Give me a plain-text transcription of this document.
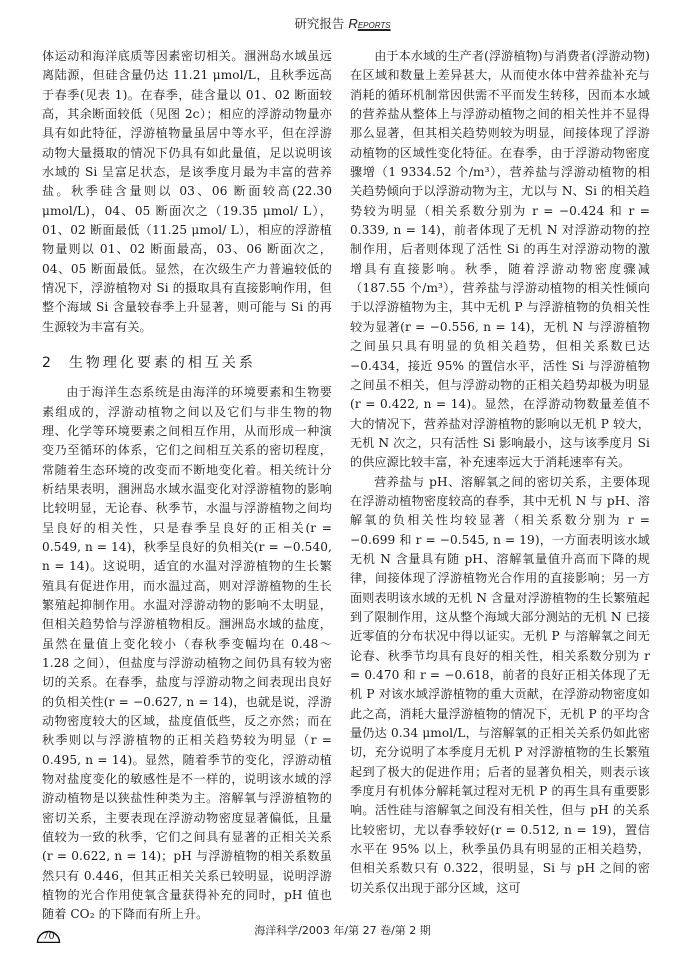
研究报告 REPORTS

体运动和海洋底质等因素密切相关。涠洲岛水域虽远离陆源，但硅含量仍达 11.21 μmol/L，且秋季远高于春季(见表 1)。在春季，硅含量以 01、02 断面较高，其余断面较低（见图 2c）；相应的浮游动物量亦具有如此特征，浮游植物量虽居中等水平，但在浮游动物大量摄取的情况下仍具有如此量值，足以说明该水域的 Si 呈富足状态，是该季度月最为丰富的营养盐。秋季硅含量则以 03、06 断面较高(22.30 μmol/L)，04、05 断面次之（19.35 μmol/ L），01、02 断面最低（11.25 μmol/ L），相应的浮游植物量则以 01、02 断面最高，03、06 断面次之，04、05 断面最低。显然，在次级生产力普遍较低的情况下，浮游植物对 Si 的摄取具有直接影响作用，但整个海域 Si 含量较春季上升显著，则可能与 Si 的再生源较为丰富有关。

2 生物理化要素的相互关系

由于海洋生态系统是由海洋的环境要素和生物要素组成的，浮游动植物之间以及它们与非生物的物理、化学等环境要素之间相互作用，从而形成一种演变乃至循环的体系，它们之间相互关系的密切程度，常随着生态环境的改变而不断地变化着。相关统计分析结果表明，涠洲岛水域水温变化对浮游植物的影响比较明显，无论春、秋季节，水温与浮游植物之间均呈良好的相关性，只是春季呈良好的正相关(r = 0.549, n = 14)，秋季呈良好的负相关(r = −0.540, n = 14)。这说明，适宜的水温对浮游植物的生长繁殖具有促进作用，而水温过高，则对浮游植物的生长繁殖起抑制作用。水温对浮游动物的影响不太明显，但相关趋势恰与浮游植物相反。涠洲岛水域的盐度，虽然在量值上变化较小（春秋季变幅均在 0.48～1.28 之间），但盐度与浮游动植物之间仍具有较为密切的关系。在春季，盐度与浮游动物之间表现出良好的负相关性(r = −0.627, n = 14)，也就是说，浮游动物密度较大的区域，盐度值低些，反之亦然；而在秋季则以与浮游植物的正相关趋势较为明显（r = 0.495, n = 14)。显然，随着季节的变化，浮游动植物对盐度变化的敏感性是不一样的，说明该水域的浮游动植物是以狭盐性种类为主。溶解氧与浮游植物的密切关系，主要表现在浮游动物密度显著偏低，且量值较为一致的秋季，它们之间具有显著的正相关关系(r = 0.622, n = 14)；pH 与浮游植物的相关系数虽然只有 0.446，但其正相关关系已较明显，说明浮游植物的光合作用使氧含量获得补充的同时，pH 值也随着 CO₂ 的下降而有所上升。

由于本水域的生产者(浮游植物)与消费者(浮游动物) 在区域和数量上差异甚大，从而使水体中营养盐补充与消耗的循环机制常因供需不平而发生转移，因而本水域的营养盐从整体上与浮游动植物之间的相关性并不显得那么显著，但其相关趋势则较为明显，间接体现了浮游动植物的区域性变化特征。在春季，由于浮游动物密度骤增（1 9334.52 个/m³），营养盐与浮游动植物的相关趋势倾向于以浮游动物为主，尤以与 N、Si 的相关趋势较为明显（相关系数分别为 r = −0.424 和 r = 0.339, n = 14)，前者体现了无机 N 对浮游动物的控制作用，后者则体现了活性 Si 的再生对浮游动物的激增具有直接影响。秋季，随着浮游动物密度骤减（187.55 个/m³），营养盐与浮游动植物的相关性倾向于以浮游植物为主，其中无机 P 与浮游植物的负相关性较为显著(r = −0.556, n = 14)，无机 N 与浮游植物之间虽只具有明显的负相关趋势，但相关系数已达 −0.434，接近 95% 的置信水平，活性 Si 与浮游植物之间虽不相关，但与浮游动物的正相关趋势却极为明显(r = 0.422, n = 14)。显然，在浮游动物数量差值不大的情况下，营养盐对浮游植物的影响以无机 P 较大，无机 N 次之，只有活性 Si 影响最小，这与该季度月 Si 的供应源比较丰富，补充速率远大于消耗速率有关。

营养盐与 pH、溶解氧之间的密切关系，主要体现在浮游动植物密度较高的春季，其中无机 N 与 pH、溶解氧的负相关性均较显著（相关系数分别为 r = −0.699 和 r = −0.545, n = 19)，一方面表明该水域无机 N 含量具有随 pH、溶解氧量值升高而下降的规律，间接体现了浮游植物光合作用的直接影响；另一方面则表明该水域的无机 N 含量对浮游植物的生长繁殖起到了限制作用，这从整个海域大部分测站的无机 N 已接近零值的分布状况中得以证实。无机 P 与溶解氧之间无论春、秋季节均具有良好的相关性，相关系数分别为 r = 0.470 和 r = −0.618，前者的良好正相关体现了无机 P 对该水域浮游植物的重大贡献，在浮游动物密度如此之高，消耗大量浮游植物的情况下，无机 P 的平均含量仍达 0.34 μmol/L，与溶解氧的正相关关系仍如此密切，充分说明了本季度月无机 P 对浮游植物的生长繁殖起到了极大的促进作用；后者的显著负相关，则表示该季度月有机体分解耗氧过程对无机 P 的再生具有重要影响。活性硅与溶解氧之间没有相关性，但与 pH 的关系比较密切，尤以春季较好(r = 0.512, n = 19)，置信水平在 95% 以上，秋季虽仍具有明显的正相关趋势，但相关系数只有 0.322，很明显，Si 与 pH 之间的密切关系仅出现于部分区域，这可

70	海洋科学/2003 年/第 27 卷/第 2 期
